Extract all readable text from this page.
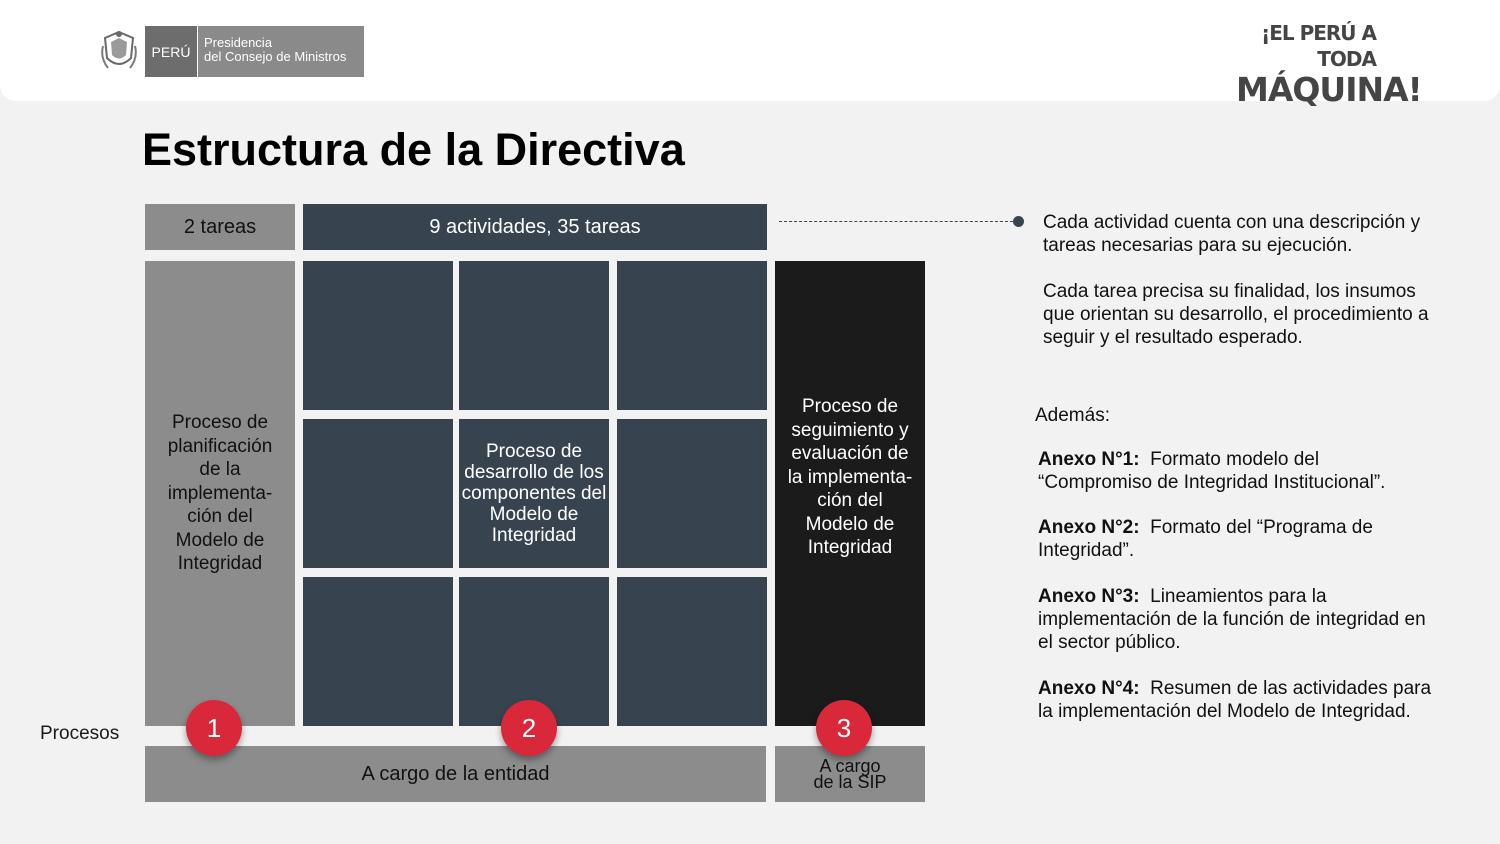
PERÚ
Presidencia
del Consejo de Ministros
¡EL PERÚ A TODA
MÁQUINA!
Estructura de la Directiva
2 tareas	9 actividades, 35 tareas
Proceso de planificación de la implementa-ción del Modelo de Integridad
Proceso de desarrollo de los componentes del Modelo de Integridad
Proceso de seguimiento y evaluación de la implementa-ción del Modelo de Integridad
A cargo de la entidad	A cargo de la SIP
1	2	3
Procesos
Cada actividad cuenta con una descripción y tareas necesarias para su ejecución.
Cada tarea precisa su finalidad, los insumos que orientan su desarrollo, el procedimiento a seguir y el resultado esperado.
Además:
Anexo N°1: Formato modelo del “Compromiso de Integridad Institucional”.
Anexo N°2: Formato del “Programa de Integridad”.
Anexo N°3: Lineamientos para la implementación de la función de integridad en el sector público.
Anexo N°4: Resumen de las actividades para la implementación del Modelo de Integridad.
